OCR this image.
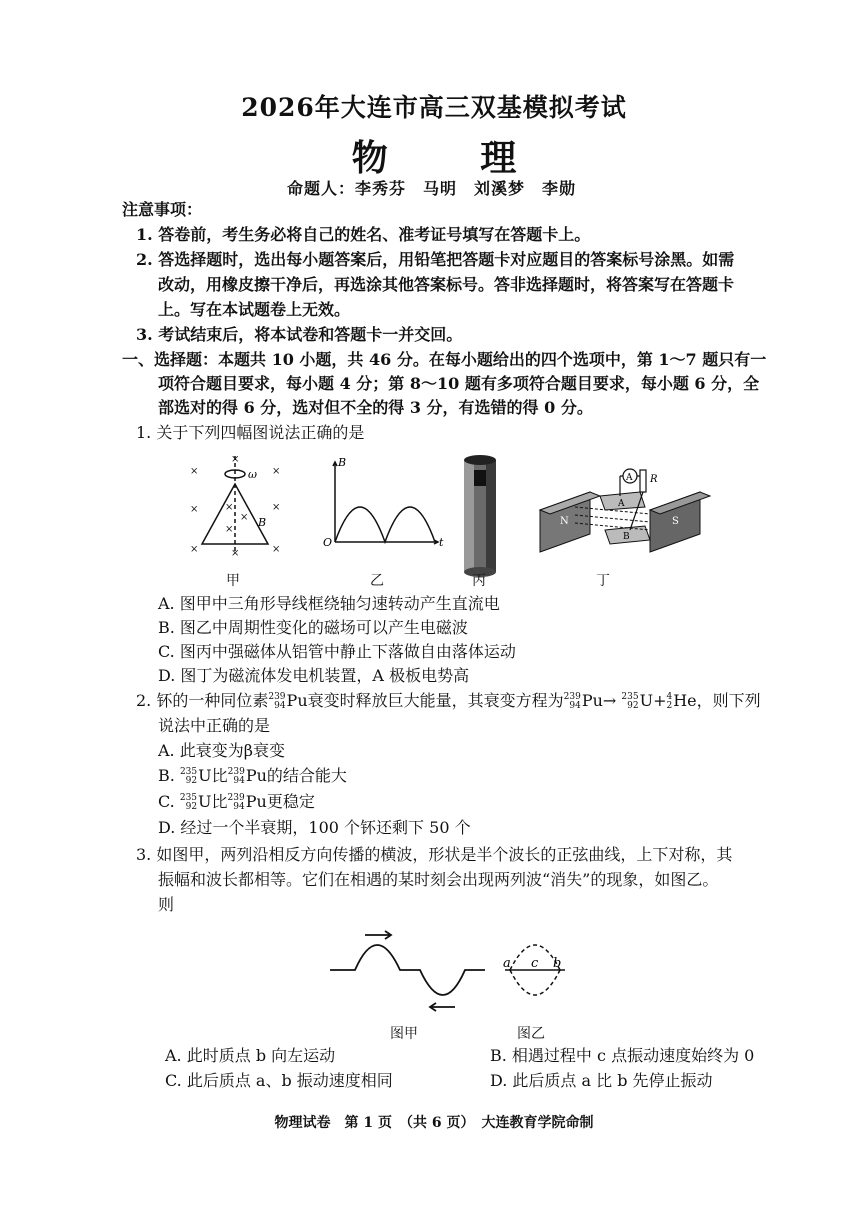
2026年大连市高三双基模拟考试
物 理
命题人：李秀芬　马明　刘溪梦　李勋
注意事项：
1. 答卷前，考生务必将自己的姓名、准考证号填写在答题卡上。
2. 答选择题时，选出每小题答案后，用铅笔把答题卡对应题目的答案标号涂黑。如需
改动，用橡皮擦干净后，再选涂其他答案标号。答非选择题时，将答案写在答题卡
上。写在本试题卷上无效。
3. 考试结束后，将本试卷和答题卡一并交回。
一、选择题：本题共 10 小题，共 46 分。在每小题给出的四个选项中，第 1～7 题只有一
项符合题目要求，每小题 4 分；第 8～10 题有多项符合题目要求，每小题 6 分，全
部选对的得 6 分，选对但不全的得 3 分，有选错的得 0 分。
1. 关于下列四幅图说法正确的是
×	×
×	×
×	×
×
×
×
×
×
ω
B
B
O	t
A R
N	S
A
B
甲	乙	丙	丁
A. 图甲中三角形导线框绕轴匀速转动产生直流电
B. 图乙中周期性变化的磁场可以产生电磁波
C. 图丙中强磁体从铝管中静止下落做自由落体运动
D. 图丁为磁流体发电机装置，A 极板电势高
2. 钚的一种同位素 239
94 Pu衰变时释放巨大能量，其衰变方程为 239
94 Pu→ 235
92 U+ 4
2 He，则下列
说法中正确的是
A. 此衰变为β衰变
B. 235
92 U比 239
94 Pu的结合能大
C. 235
92 U比 239
94 Pu更稳定
D. 经过一个半衰期，100 个钚还剩下 50 个
3. 如图甲，两列沿相反方向传播的横波，形状是半个波长的正弦曲线，上下对称，其
振幅和波长都相等。它们在相遇的某时刻会出现两列波“消失”的现象，如图乙。
则
a c b
图甲	图乙
A. 此时质点 b 向左运动	B. 相遇过程中 c 点振动速度始终为 0
C. 此后质点 a、b 振动速度相同	D. 此后质点 a 比 b 先停止振动
物理试卷　第 1 页　（共 6 页）　大连教育学院命制
